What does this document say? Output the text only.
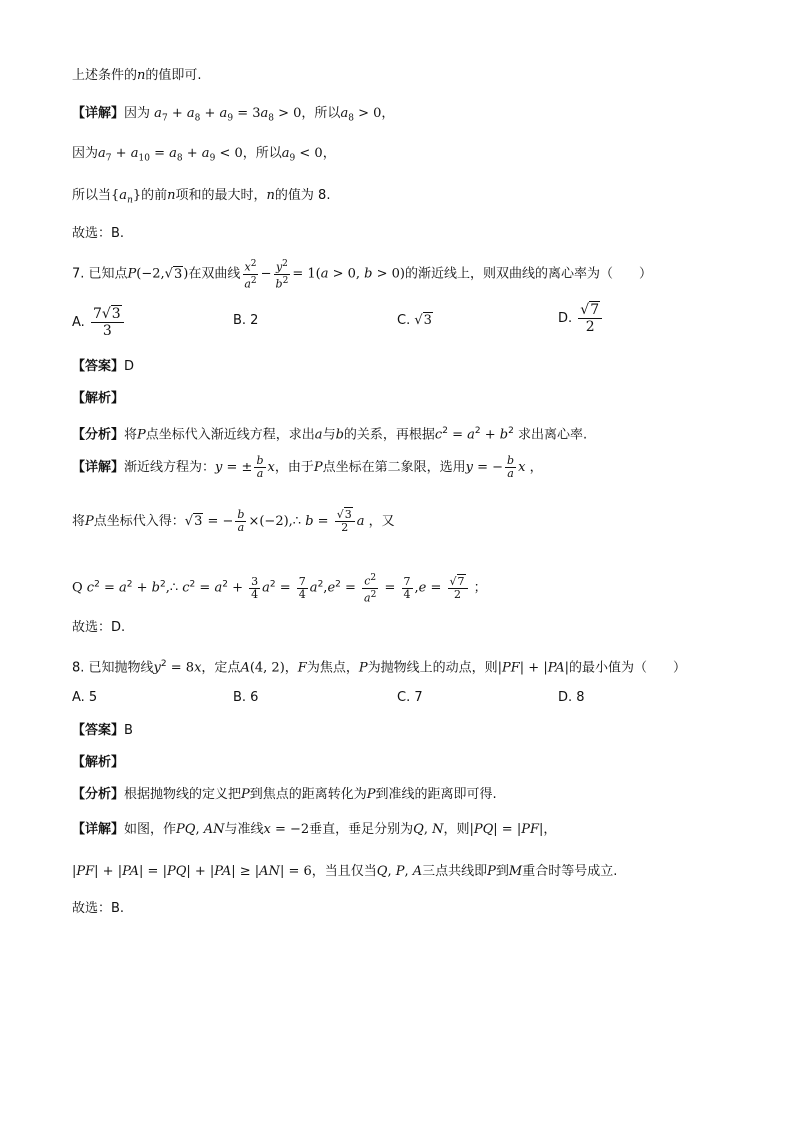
上述条件的n的值即可.
【详解】因为 $a_7 + a_8 + a_9 = 3a_8 > 0$，所以$a_8 > 0$，
因为$a_7 + a_{10} = a_8 + a_9 < 0$，所以$a_9 < 0$，
所以当$\{a_n\}$的前n项和的最大时，n的值为 8.
故选：B.
7. 已知点P(−2,√3)在双曲线 $\frac{x^2}{a^2} - \frac{y^2}{b^2} = 1(a > 0$, b > 0)的渐近线上，则双曲线的离心率为（　　）
A. $\frac{7√3}{3}$	B. 2	C. √3	D. $\frac{√7}{2}$
【答案】D
【解析】
【分析】将P点坐标代入渐近线方程，求出a与b的关系，再根据$c^2 = a^2 + b^2$ 求出离心率.
【详解】渐近线方程为：y = ± $\frac{b}{a}$ x，由于P点坐标在第二象限，选用y = − $\frac{b}{a}$ x ，
将P点坐标代入得：√3 = − $\frac{b}{a}$ ×(−2),∴ $b = \frac{√3}{2}$ a ，又
Q $c^2 = a^2$ + $b^2,\therefore$ $c^2 = a^2 + \frac{3}{4} a^2 = \frac{7}{4} a^2,e^2 = \frac{c^2}{a^2} = \frac{7}{4} ,e = \frac{√7}{2}$ ；
故选：D.
8. 已知抛物线$y^2 = 8x$，定点A(4, 2)，F为焦点，P为抛物线上的动点，则|PF| + |PA|的最小值为（　　）
A. 5	B. 6	C. 7	D. 8
【答案】B
【解析】
【分析】根据抛物线的定义把P到焦点的距离转化为P到准线的距离即可得.
【详解】如图，作PQ, AN与准线x = −2垂直，垂足分别为Q, N，则|PQ| = |PF|，
|PF| + |PA| = |PQ| + |PA| ≥ |AN| = 6，当且仅当Q, P, A三点共线即P到M重合时等号成立.
故选：B.
